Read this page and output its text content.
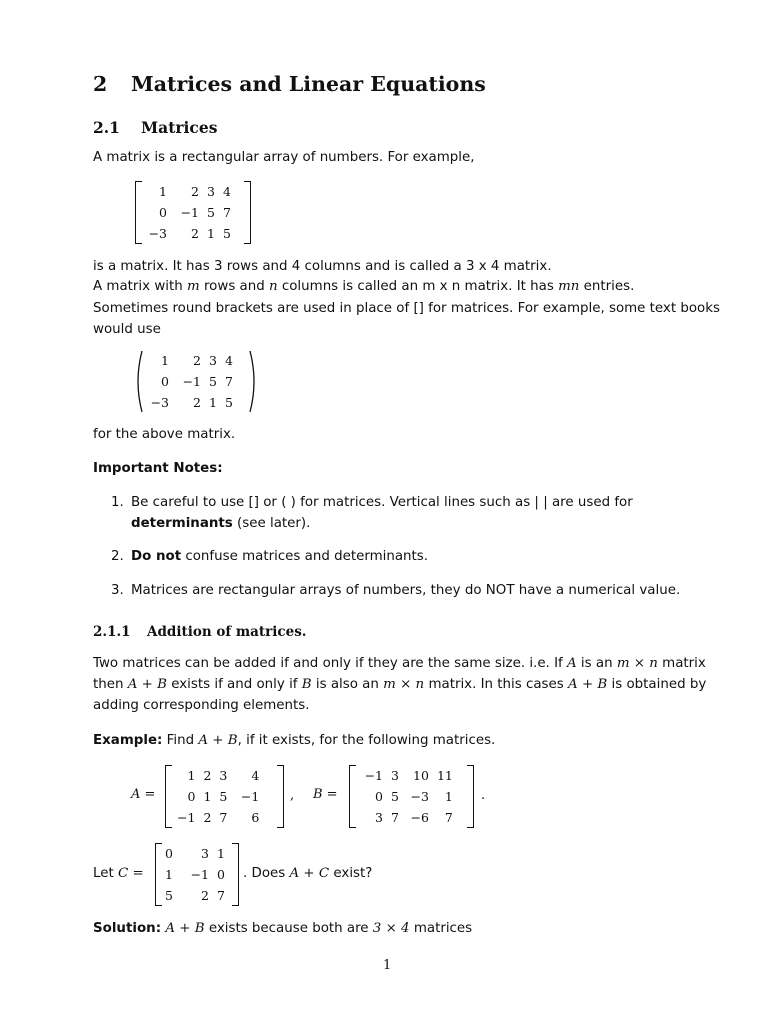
2 Matrices and Linear Equations
2.1 Matrices
A matrix is a rectangular array of numbers. For example,
1	2	3	4
0	−1	5	7
−3	2	1	5
is a matrix. It has 3 rows and 4 columns and is called a 3 x 4 matrix.
A matrix with m rows and n columns is called an m x n matrix. It has mn entries.
Sometimes round brackets are used in place of [] for matrices. For example, some text books
would use
1	2	3	4
0	−1	5	7
−3	2	1	5
for the above matrix.
Important Notes:
1. Be careful to use [] or ( ) for matrices. Vertical lines such as | | are used for
determinants (see later).
2. Do not confuse matrices and determinants.
3. Matrices are rectangular arrays of numbers, they do NOT have a numerical value.
2.1.1 Addition of matrices.
Two matrices can be added if and only if they are the same size. i.e. If A is an m × n matrix
then A + B exists if and only if B is also an m × n matrix. In this cases A + B is obtained by
adding corresponding elements.
Example: Find A + B, if it exists, for the following matrices.
A =
1	2	3	4
0	1	5	−1
−1	2	7	6
, B =
−1	3	10	11
0	5	−3	1
3	7	−6	7
.
Let C =
0	3	1
1	−1	0
5	2	7
. Does A + C exist?
Solution: A + B exists because both are 3 × 4 matrices
1
